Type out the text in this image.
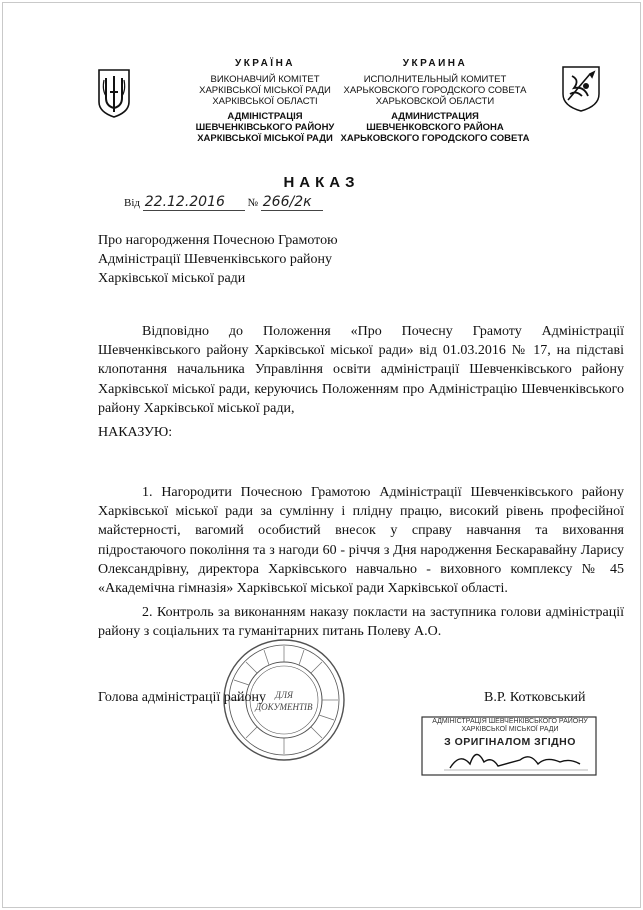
УКРАЇНА
ВИКОНАВЧИЙ КОМІТЕТ
ХАРКІВСЬКОЇ МІСЬКОЇ РАДИ
ХАРКІВСЬКОЇ ОБЛАСТІ
АДМІНІСТРАЦІЯ
ШЕВЧЕНКІВСЬКОГО РАЙОНУ
ХАРКІВСЬКОЇ МІСЬКОЇ РАДИ
УКРАИНА
ИСПОЛНИТЕЛЬНЫЙ КОМИТЕТ
ХАРЬКОВСКОГО ГОРОДСКОГО СОВЕТА
ХАРЬКОВСКОЙ ОБЛАСТИ
АДМИНИСТРАЦИЯ
ШЕВЧЕНКОВСКОГО РАЙОНА
ХАРЬКОВСКОГО ГОРОДСКОГО СОВЕТА
НАКАЗ
Від 22.12.2016 № 266/2к
Про нагородження Почесною Грамотою
Адміністрації Шевченківського району
Харківської міської ради
Відповідно до Положення «Про Почесну Грамоту Адміністрації Шевченківського району Харківської міської ради» від 01.03.2016 № 17, на підставі клопотання начальника Управління освіти адміністрації Шевченківського району Харківської міської ради, керуючись Положенням про Адміністрацію Шевченківського району Харківської міської ради,
НАКАЗУЮ:
1. Нагородити Почесною Грамотою Адміністрації Шевченківського району Харківської міської ради за сумлінну і плідну працю, високий рівень професійної майстерності, вагомий особистий внесок у справу навчання та виховання підростаючого покоління та з нагоди 60 - річчя з Дня народження Бескаравайну Ларису Олександрівну, директора Харківського навчально - виховного комплексу № 45 «Академічна гімназія» Харківської міської ради Харківської області.
2. Контроль за виконанням наказу покласти на заступника голови адміністрації району з соціальних та гуманітарних питань Полеву А.О.
ДЛЯ
ДОКУМЕНТІВ
Голова адміністрації району	В.Р. Котковський
АДМІНІСТРАЦІЯ ШЕВЧЕНКІВСЬКОГО РАЙОНУ
ХАРКІВСЬКОЇ МІСЬКОЇ РАДИ
З ОРИГІНАЛОМ ЗГІДНО
